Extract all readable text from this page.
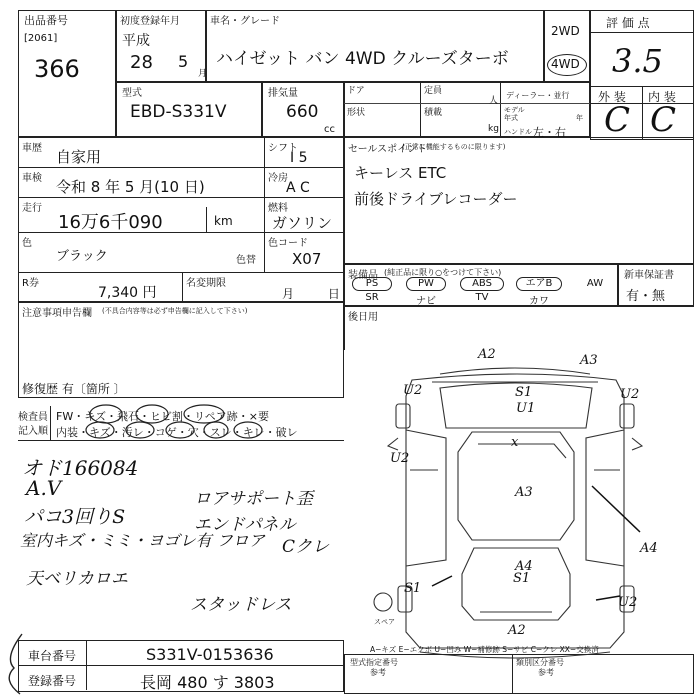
出品番号
[2061]
366
初度登録年月
平成
28 5
月
車名・グレード
ハイゼット バン 4WD クルーズターボ
2WD
4WD
評 価 点
3.5
外 装 内 装
C C
型式
EBD-S331V
排気量
660
cc
ドア	定員
人
ディーラー・並行
形状	積載
kg
モデル年式	年
ハンドル 左・右
車歴 自家用	シフト
I 5
車検 令和 8 年 5 月(10 日)	冷房
A C
走行
16万6千090	km
燃料
ガソリン
色
ブラック	色替
色コード
X07
R券
7,340 円
名変期限
月 日
注意事項申告欄 (不具合内容等は必ず申告欄に記入して下さい)
修復歴 有〔箇所 〕
セールスポイント
(正常に機能するものに限ります)
キーレス ETC
前後ドライブレコーダー
装備品 (純正品に限り○をつけて下さい)
PS	PW	ABS	エアB	AW
SR	ナビ	TV	カワ
新車保証書
有・無
後日用
検査員
記入順
FW・キズ・飛石・ヒビ割・リペア跡・×要
内装・キズ・汚レ・コゲ・穴・スレ・キレ・破レ
オド166084
A.V
パコ3回りS
室内キズ・ミミ・ヨゴレ有 フロア
天ベリカロエ
ロアサポート歪
エンドパネル
Cクレ
スタッドレス
A2	A3
U2	S1
U1
U2
U2
x
A3
A4
A4
S1
S1
U2
A2
スペア
A−キズ E−エクボ U−凹み W−補修跡 S−サビ C−クレ XX−交換済
車台番号	S331V-0153636
登録番号	長岡 480 す 3803
型式指定番号
参考
類別区分番号
参考
